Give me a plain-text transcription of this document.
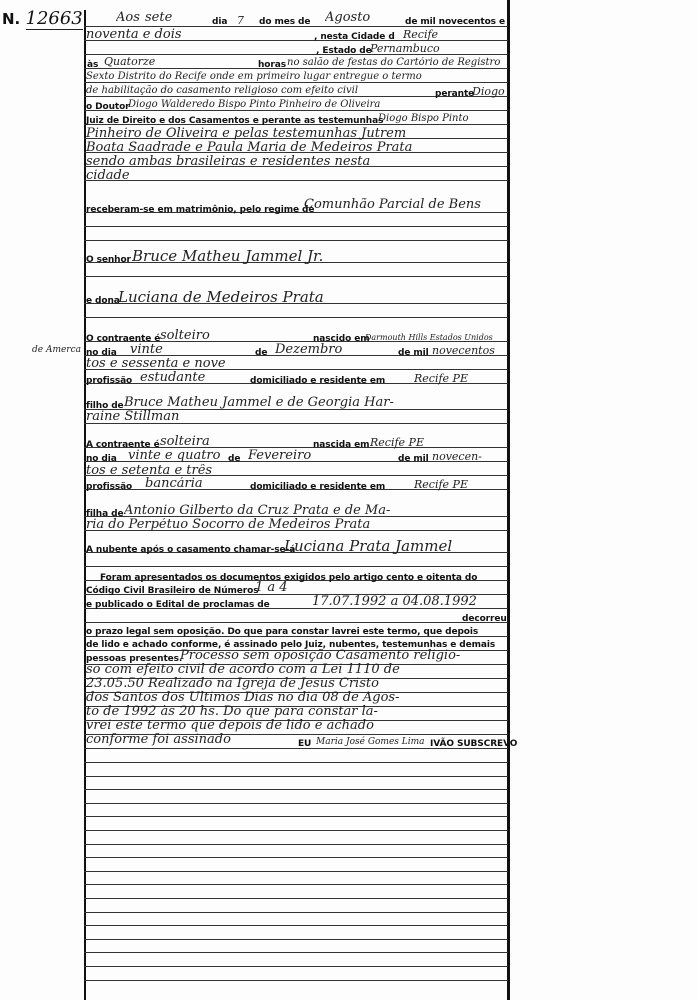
N. 12663	Aos sete	dia 7 do mes de Agosto	de mil novecentos e
noventa e dois	, nesta Cidade d Recife
, Estado de
Pernambuco
às Quatorze	horas no salão de festas do Cartório de Registro
Sexto Distrito do Recife onde em primeiro lugar entregue o termo
de habilitação do casamento religioso com efeito civil	perante
Diogo
o Doutor
Diogo Walderedo Bispo Pinto Pinheiro de Oliveira
Juiz de Direito e dos Casamentos e perante as testemunhas
Diogo Bispo Pinto
Pinheiro de Oliveira e pelas testemunhas Jutrem
Boata Saadrade e Paula Maria de Medeiros Prata
sendo ambas brasileiras e residentes nesta
cidade
receberam-se em matrimônio, pelo regime de
Comunhão Parcial de Bens
O senhor Bruce Matheu Jammel Jr.
e dona
Luciana de Medeiros Prata
de Amerca
O contraente é solteiro	nascido em
Darmouth Hills Estados Unidos
no dia vinte	de Dezembro	de mil novecentos
tos e sessenta e nove
profissão estudante	domiciliado e residente em	Recife PE
filho de Bruce Matheu Jammel e de Georgia Har-
raine Stillman
A contraente é solteira	nascida em Recife PE
no dia vinte e quatro de Fevereiro	de mil novecen-
tos e setenta e três
profissão bancária	domiciliado e residente em	Recife PE
filha de Antonio Gilberto da Cruz Prata e de Ma-
ria do Perpétuo Socorro de Medeiros Prata
A nubente após o casamento chamar-se-á
Luciana Prata Jammel
Foram apresentados os documentos exigidos pelo artigo cento e oitenta do
Código Civil Brasileiro de Números
1 a 4
e publicado o Edital de proclamas de	17.07.1992 a 04.08.1992
decorreu
o prazo legal sem oposição. Do que para constar lavrei este termo, que depois
de lido e achado conforme, é assinado pelo Juiz, nubentes, testemunhas e demais
pessoas presentes.
Processo sem oposição Casamento religio-
so com efeito civil de acordo com a Lei 1110 de
23.05.50 Realizado na Igreja de Jesus Cristo
dos Santos dos Últimos Dias no dia 08 de Agos-
to de 1992 às 20 hs. Do que para constar la-
vrei este termo que depois de lido e achado
conforme foi assinado	EU Maria José Gomes Lima IVÃO SUBSCREVO
